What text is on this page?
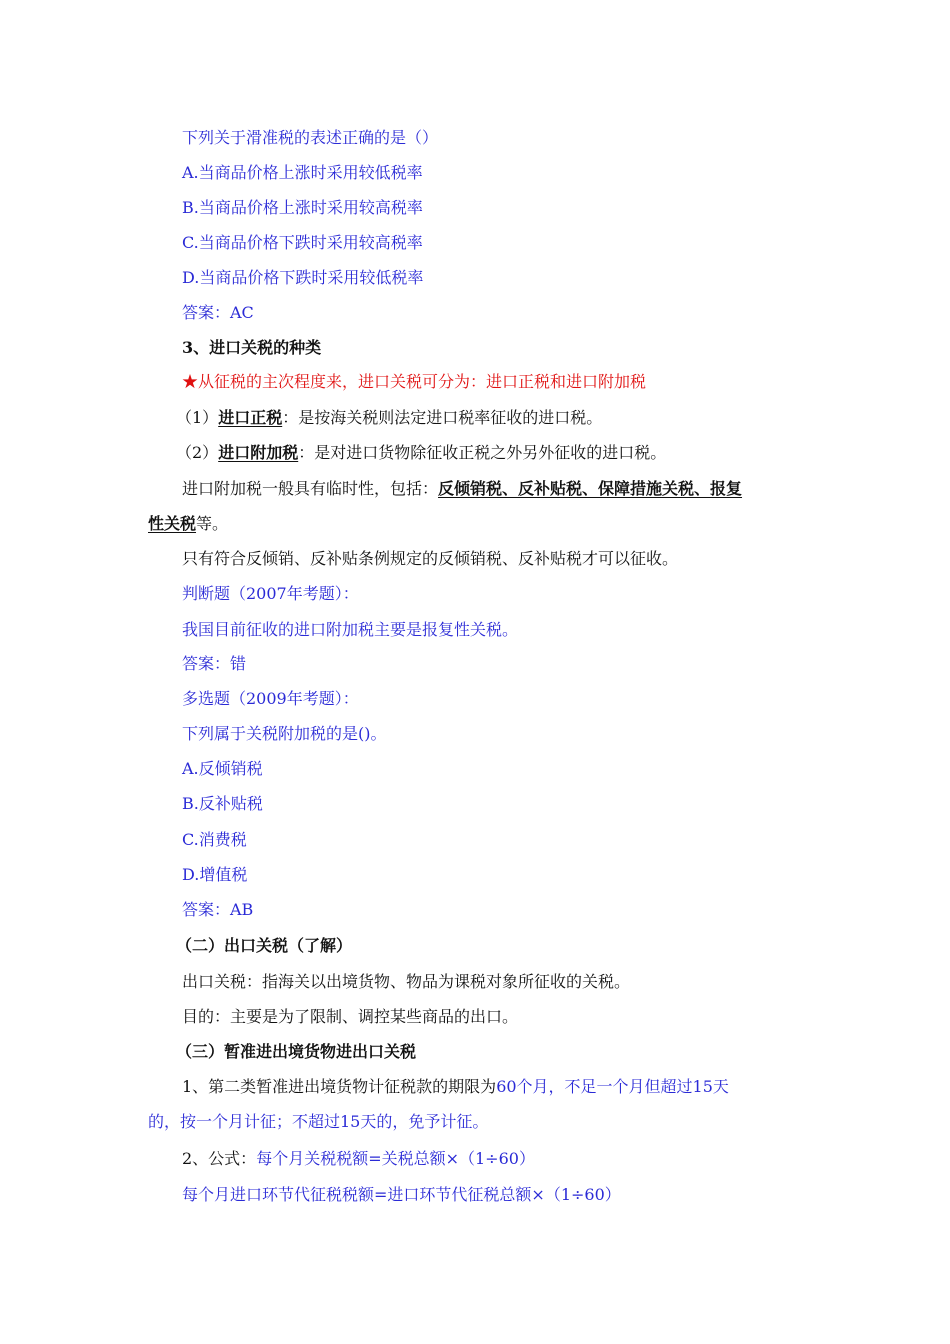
下列关于滑准税的表述正确的是（）
A.当商品价格上涨时采用较低税率
B.当商品价格上涨时采用较高税率
C.当商品价格下跌时采用较高税率
D.当商品价格下跌时采用较低税率
答案：AC
3、进口关税的种类
★从征税的主次程度来，进口关税可分为：进口正税和进口附加税
（1）进口正税：是按海关税则法定进口税率征收的进口税。
（2）进口附加税：是对进口货物除征收正税之外另外征收的进口税。
进口附加税一般具有临时性，包括：反倾销税、反补贴税、保障措施关税、报复
性关税等。
只有符合反倾销、反补贴条例规定的反倾销税、反补贴税才可以征收。
判断题（2007年考题）：
我国目前征收的进口附加税主要是报复性关税。
答案：错
多选题（2009年考题）：
下列属于关税附加税的是()。
A.反倾销税
B.反补贴税
C.消费税
D.增值税
答案：AB
（二）出口关税（了解）
出口关税：指海关以出境货物、物品为课税对象所征收的关税。
目的：主要是为了限制、调控某些商品的出口。
（三）暂准进出境货物进出口关税
1、第二类暂准进出境货物计征税款的期限为60个月，不足一个月但超过15天
的，按一个月计征；不超过15天的，免予计征。
2、公式：每个月关税税额=关税总额×（1÷60）
每个月进口环节代征税税额=进口环节代征税总额×（1÷60）
